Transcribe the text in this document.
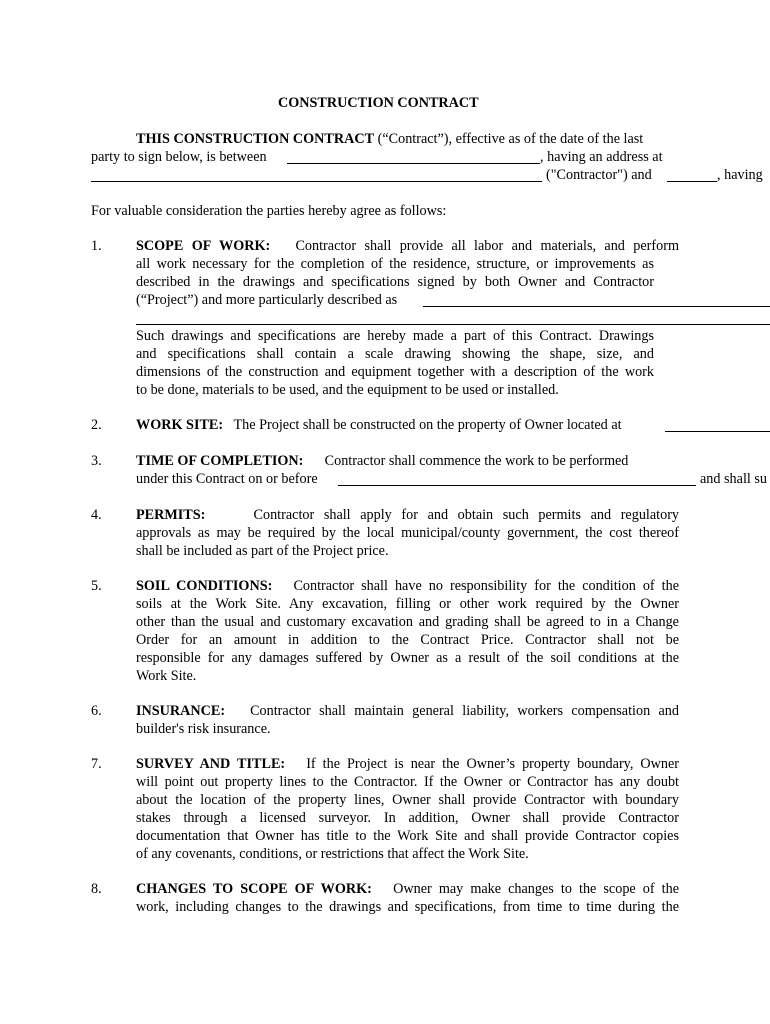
CONSTRUCTION CONTRACT
THIS CONSTRUCTION CONTRACT (“Contract”), effective as of the date of the last
party to sign below, is between	, having an address at
("Contractor") and	, having
For valuable consideration the parties hereby agree as follows:
1. SCOPE OF WORK: Contractor shall provide all labor and materials, and perform
all work necessary for the completion of the residence, structure, or improvements as
described in the drawings and specifications signed by both Owner and Contractor
(“Project”) and more particularly described as
Such drawings and specifications are hereby made a part of this Contract. Drawings
and specifications shall contain a scale drawing showing the shape, size, and
dimensions of the construction and equipment together with a description of the work
to be done, materials to be used, and the equipment to be used or installed.
2. WORK SITE: The Project shall be constructed on the property of Owner located at
3. TIME OF COMPLETION: Contractor shall commence the work to be performed
under this Contract on or before	and shall su
4. PERMITS:	Contractor shall apply for and obtain such permits and regulatory
approvals as may be required by the local municipal/county government, the cost thereof
shall be included as part of the Project price.
5. SOIL CONDITIONS: Contractor shall have no responsibility for the condition of the
soils at the Work Site. Any excavation, filling or other work required by the Owner
other than the usual and customary excavation and grading shall be agreed to in a Change
Order for an amount in addition to the Contract Price. Contractor shall not be
responsible for any damages suffered by Owner as a result of the soil conditions at the
Work Site.
6. INSURANCE: Contractor shall maintain general liability, workers compensation and
builder's risk insurance.
7. SURVEY AND TITLE: If the Project is near the Owner’s property boundary, Owner
will point out property lines to the Contractor. If the Owner or Contractor has any doubt
about the location of the property lines, Owner shall provide Contractor with boundary
stakes through a licensed surveyor. In addition, Owner shall provide Contractor
documentation that Owner has title to the Work Site and shall provide Contractor copies
of any covenants, conditions, or restrictions that affect the Work Site.
8. CHANGES TO SCOPE OF WORK: Owner may make changes to the scope of the
work, including changes to the drawings and specifications, from time to time during the
